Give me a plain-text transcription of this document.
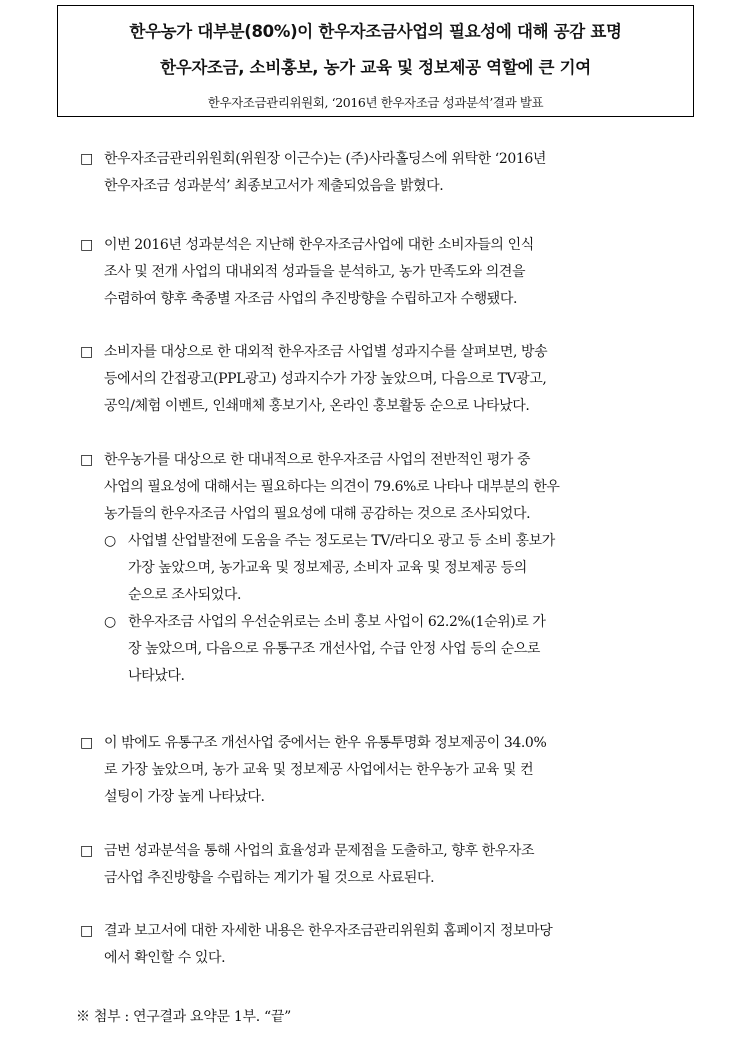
한우농가 대부분(80%)이 한우자조금사업의 필요성에 대해 공감 표명
한우자조금, 소비홍보, 농가 교육 및 정보제공 역할에 큰 기여
한우자조금관리위원회, ‘2016년 한우자조금 성과분석’결과 발표
□ 한우자조금관리위원회(위원장 이근수)는 (주)사라홀딩스에 위탁한 ‘2016년
한우자조금 성과분석’ 최종보고서가 제출되었음을 밝혔다.
□ 이번 2016년 성과분석은 지난해 한우자조금사업에 대한 소비자들의 인식
조사 및 전개 사업의 대내외적 성과들을 분석하고, 농가 만족도와 의견을
수렴하여 향후 축종별 자조금 사업의 추진방향을 수립하고자 수행됐다.
□ 소비자를 대상으로 한 대외적 한우자조금 사업별 성과지수를 살펴보면, 방송
등에서의 간접광고(PPL광고) 성과지수가 가장 높았으며, 다음으로 TV광고,
공익/체험 이벤트, 인쇄매체 홍보기사, 온라인 홍보활동 순으로 나타났다.
□ 한우농가를 대상으로 한 대내적으로 한우자조금 사업의 전반적인 평가 중
사업의 필요성에 대해서는 필요하다는 의견이 79.6%로 나타나 대부분의 한우
농가들의 한우자조금 사업의 필요성에 대해 공감하는 것으로 조사되었다.
○ 사업별 산업발전에 도움을 주는 정도로는 TV/라디오 광고 등 소비 홍보가
가장 높았으며, 농가교육 및 정보제공, 소비자 교육 및 정보제공 등의
순으로 조사되었다.
○ 한우자조금 사업의 우선순위로는 소비 홍보 사업이 62.2%(1순위)로 가
장 높았으며, 다음으로 유통구조 개선사업, 수급 안정 사업 등의 순으로
나타났다.
□ 이 밖에도 유통구조 개선사업 중에서는 한우 유통투명화 정보제공이 34.0%
로 가장 높았으며, 농가 교육 및 정보제공 사업에서는 한우농가 교육 및 컨
설팅이 가장 높게 나타났다.
□ 금번 성과분석을 통해 사업의 효율성과 문제점을 도출하고, 향후 한우자조
금사업 추진방향을 수립하는 계기가 될 것으로 사료된다.
□ 결과 보고서에 대한 자세한 내용은 한우자조금관리위원회 홈페이지 정보마당
에서 확인할 수 있다.
※ 첨부 : 연구결과 요약문 1부. “끝”
